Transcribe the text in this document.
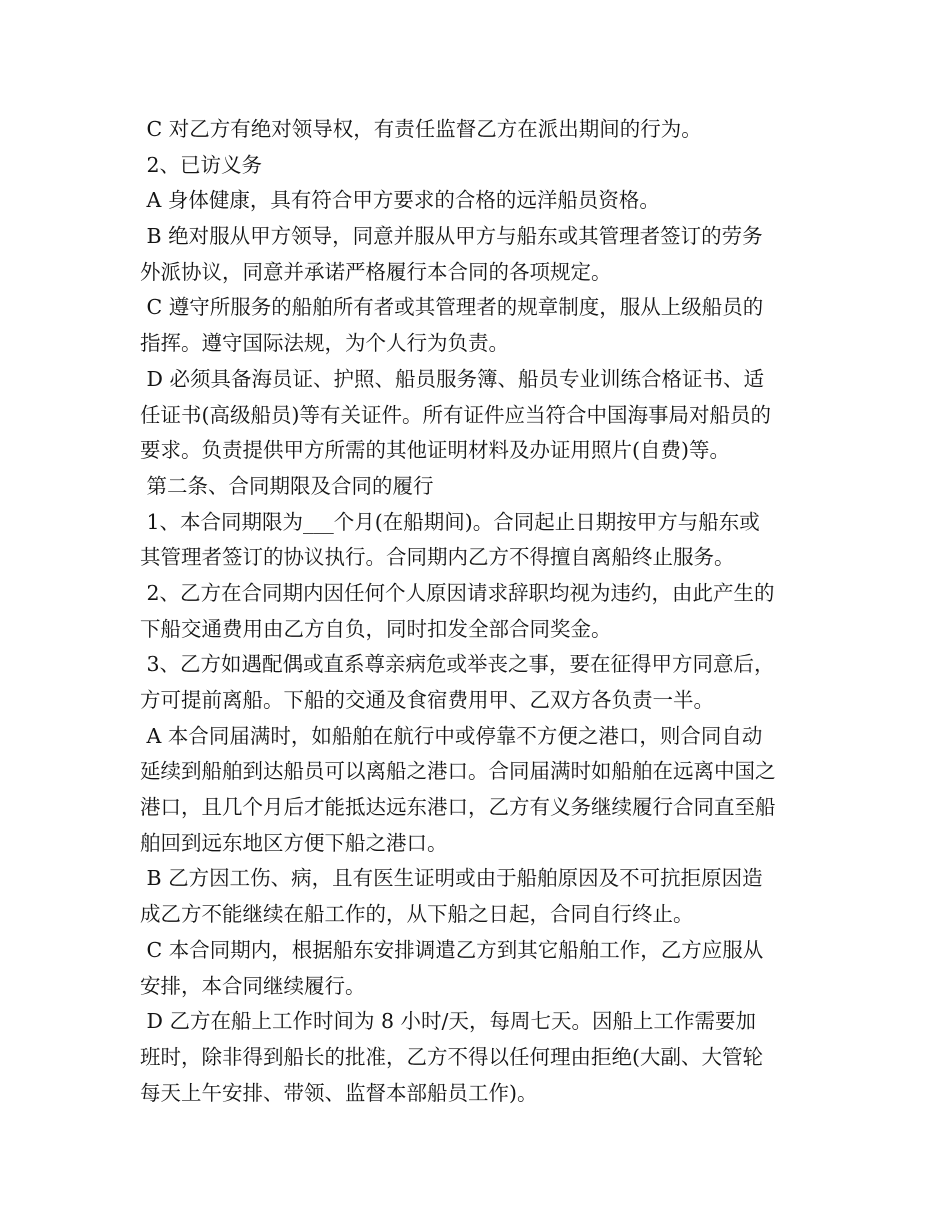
C 对乙方有绝对领导权，有责任监督乙方在派出期间的行为。
2、已访义务
A 身体健康，具有符合甲方要求的合格的远洋船员资格。
B 绝对服从甲方领导，同意并服从甲方与船东或其管理者签订的劳务
外派协议，同意并承诺严格履行本合同的各项规定。
C 遵守所服务的船舶所有者或其管理者的规章制度，服从上级船员的
指挥。遵守国际法规，为个人行为负责。
D 必须具备海员证、护照、船员服务簿、船员专业训练合格证书、适
任证书(高级船员)等有关证件。所有证件应当符合中国海事局对船员的
要求。负责提供甲方所需的其他证明材料及办证用照片(自费)等。
第二条、合同期限及合同的履行
1、本合同期限为___个月(在船期间)。合同起止日期按甲方与船东或
其管理者签订的协议执行。合同期内乙方不得擅自离船终止服务。
2、乙方在合同期内因任何个人原因请求辞职均视为违约，由此产生的
下船交通费用由乙方自负，同时扣发全部合同奖金。
3、乙方如遇配偶或直系尊亲病危或举丧之事，要在征得甲方同意后，
方可提前离船。下船的交通及食宿费用甲、乙双方各负责一半。
A 本合同届满时，如船舶在航行中或停靠不方便之港口，则合同自动
延续到船舶到达船员可以离船之港口。合同届满时如船舶在远离中国之
港口，且几个月后才能抵达远东港口，乙方有义务继续履行合同直至船
舶回到远东地区方便下船之港口。
B 乙方因工伤、病，且有医生证明或由于船舶原因及不可抗拒原因造
成乙方不能继续在船工作的，从下船之日起，合同自行终止。
C 本合同期内，根据船东安排调遣乙方到其它船舶工作，乙方应服从
安排，本合同继续履行。
D 乙方在船上工作时间为 8 小时/天，每周七天。因船上工作需要加
班时，除非得到船长的批准，乙方不得以任何理由拒绝(大副、大管轮
每天上午安排、带领、监督本部船员工作)。
